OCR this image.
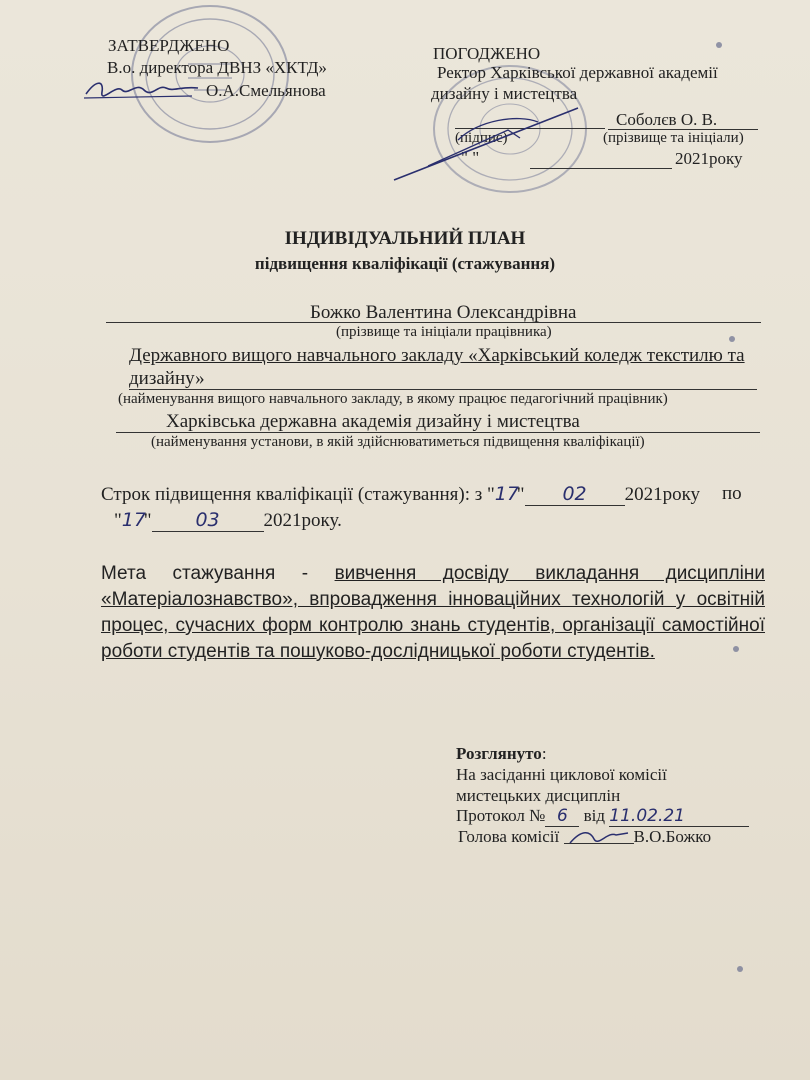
ЗАТВЕРДЖЕНО
В.о. директора ДВНЗ «ХКТД»
О.А.Смельянова
ПОГОДЖЕНО
Ректор Харківської державної академії
дизайну і мистецтва
Соболєв О. В.
(підпис)	(прізвище та ініціали)
" "	2021року
ІНДИВІДУАЛЬНИЙ ПЛАН
підвищення кваліфікації (стажування)
Божко Валентина Олександрівна
(прізвище та ініціали працівника)
Державного вищого навчального закладу «Харківський коледж текстилю та
дизайну»
(найменування вищого навчального закладу, в якому працює педагогічний працівник)
Харківська державна академія дизайну і мистецтва
(найменування установи, в якій здійснюватиметься підвищення кваліфікації)
Строк підвищення кваліфікації (стажування): з "17" 02 2021року по
"17" 03 2021року.
Мета стажування - вивчення досвіду викладання дисципліни «Матеріалознавство», впровадження інноваційних технологій у освітній процес, сучасних форм контролю знань студентів, організації самостійної роботи студентів та пошуково-дослідницької роботи студентів.
Розглянуто:
На засіданні циклової комісії
мистецьких дисциплін
Протокол № 6 від 11.02.21
Голова комісії	В.О.Божко
